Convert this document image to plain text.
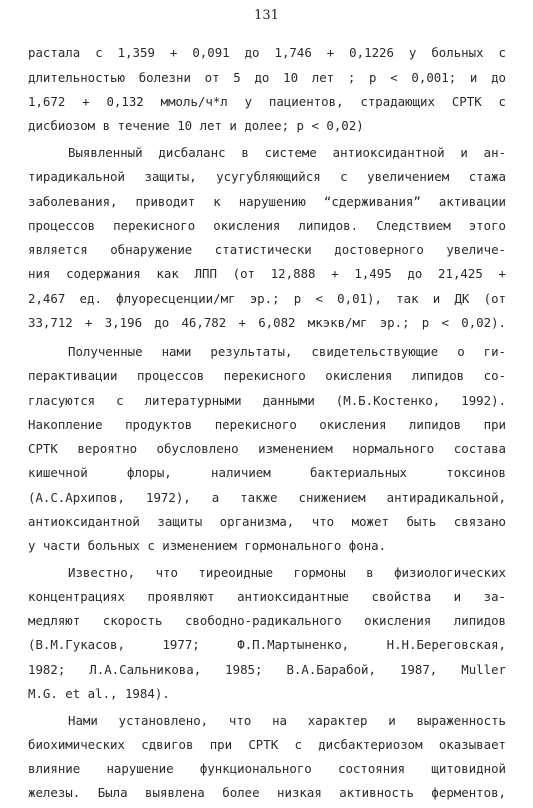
131
растала с 1,359 + 0,091 до 1,746 + 0,1226 у больных с
длительностью болезни от 5 до 10 лет ; р < 0,001; и до
1,672 + 0,132 ммоль/ч*л у пациентов, страдающих СРТК с
дисбиозом в течение 10 лет и долее; р < 0,02)
Выявленный дисбаланс в системе антиоксидантной и ан-
тирадикальной защиты, усугубляющийся с увеличением стажа
заболевания, приводит к нарушению “сдерживания” активации
процессов перекисного окисления липидов. Следствием этого
является обнаружение статистически достоверного увеличе-
ния содержания как ЛПП (от 12,888 + 1,495 до 21,425 +
2,467 ед. флуоресценции/мг эр.; р < 0,01), так и ДК (от
33,712 + 3,196 до 46,782 + 6,082 мкэкв/мг эр.; р < 0,02).
Полученные нами результаты, свидетельствующие о ги-
перактивации процессов перекисного окисления липидов со-
гласуются с литературными данными (М.Б.Костенко, 1992).
Накопление продуктов перекисного окисления липидов при
СРТК вероятно обусловлено изменением нормального состава
кишечной флоры, наличием бактериальных токсинов
(А.С.Архипов, 1972), а также снижением антирадикальной,
антиоксидантной защиты организма, что может быть связано
у части больных с изменением гормонального фона.
Известно, что тиреоидные гормоны в физиологических
концентрациях проявляют антиоксидантные свойства и за-
медляют скорость свободно-радикального окисления липидов
(В.М.Гукасов, 1977; Ф.П.Мартыненко, Н.Н.Береговская,
1982; Л.А.Сальникова, 1985; В.А.Барабой, 1987, Muller
M.G. et al., 1984).
Нами установлено, что на характер и выраженность
биохимических сдвигов при СРТК с дисбактериозом оказывает
влияние нарушение функционального состояния щитовидной
железы. Была выявлена более низкая активность ферментов,
